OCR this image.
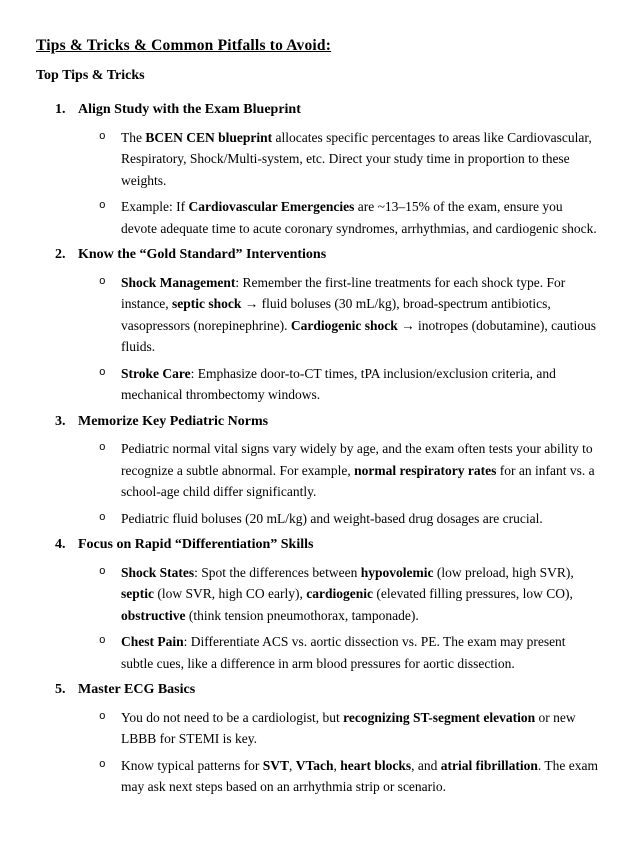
Tips & Tricks & Common Pitfalls to Avoid:
Top Tips & Tricks
1. Align Study with the Exam Blueprint
o	The BCEN CEN blueprint allocates specific percentages to areas like Cardiovascular, Respiratory, Shock/Multi-system, etc. Direct your study time in proportion to these weights.
o	Example: If Cardiovascular Emergencies are ~13–15% of the exam, ensure you devote adequate time to acute coronary syndromes, arrhythmias, and cardiogenic shock.
2. Know the “Gold Standard” Interventions
o	Shock Management: Remember the first-line treatments for each shock type. For instance, septic shock → fluid boluses (30 mL/kg), broad-spectrum antibiotics, vasopressors (norepinephrine). Cardiogenic shock → inotropes (dobutamine), cautious fluids.
o	Stroke Care: Emphasize door-to-CT times, tPA inclusion/exclusion criteria, and mechanical thrombectomy windows.
3. Memorize Key Pediatric Norms
o	Pediatric normal vital signs vary widely by age, and the exam often tests your ability to recognize a subtle abnormal. For example, normal respiratory rates for an infant vs. a school-age child differ significantly.
o	Pediatric fluid boluses (20 mL/kg) and weight-based drug dosages are crucial.
4. Focus on Rapid “Differentiation” Skills
o	Shock States: Spot the differences between hypovolemic (low preload, high SVR), septic (low SVR, high CO early), cardiogenic (elevated filling pressures, low CO), obstructive (think tension pneumothorax, tamponade).
o	Chest Pain: Differentiate ACS vs. aortic dissection vs. PE. The exam may present subtle cues, like a difference in arm blood pressures for aortic dissection.
5. Master ECG Basics
o	You do not need to be a cardiologist, but recognizing ST-segment elevation or new LBBB for STEMI is key.
o	Know typical patterns for SVT, VTach, heart blocks, and atrial fibrillation. The exam may ask next steps based on an arrhythmia strip or scenario.
